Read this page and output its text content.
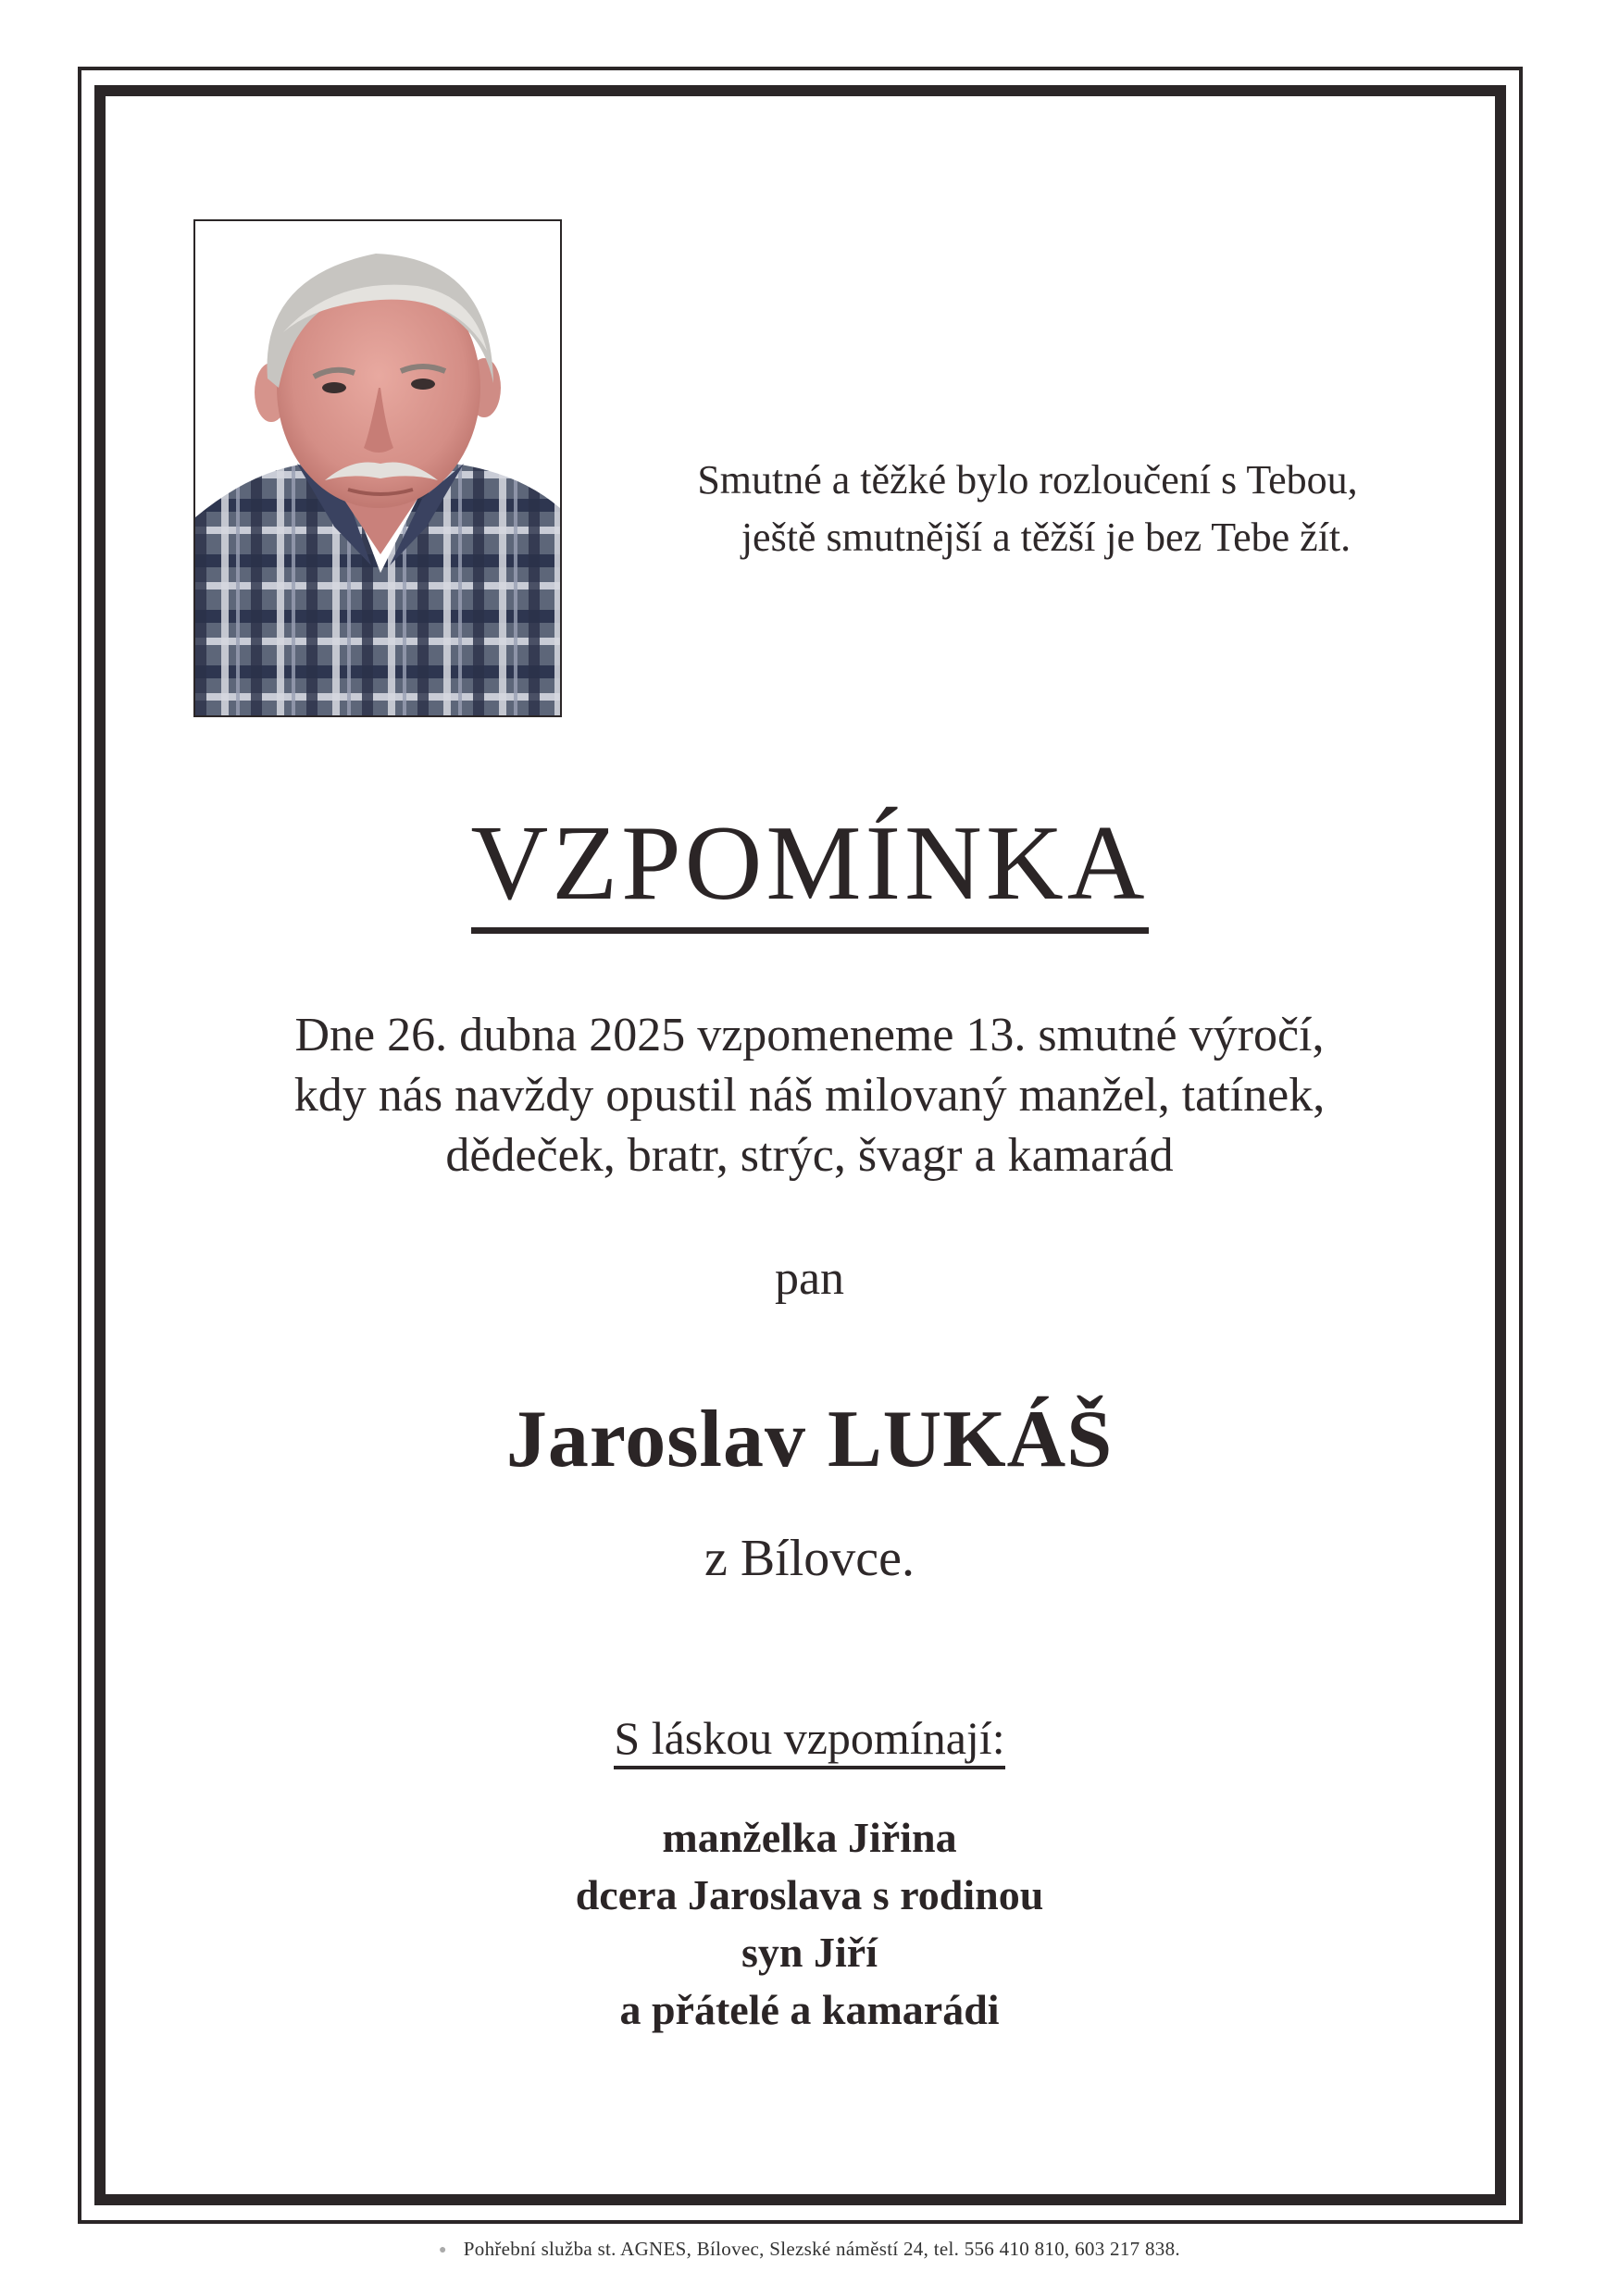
Smutné a těžké bylo rozloučení s Tebou,
ještě smutnější a těžší je bez Tebe žít.
VZPOMÍNKA
Dne 26. dubna 2025 vzpomeneme 13. smutné výročí,
kdy nás navždy opustil náš milovaný manžel, tatínek,
dědeček, bratr, strýc, švagr a kamarád
pan
Jaroslav LUKÁŠ
z Bílovce.
S láskou vzpomínají:
manželka Jiřina
dcera Jaroslava s rodinou
syn Jiří
a přátelé a kamarádi
● Pohřební služba st. AGNES, Bílovec, Slezské náměstí 24, tel. 556 410 810, 603 217 838.
